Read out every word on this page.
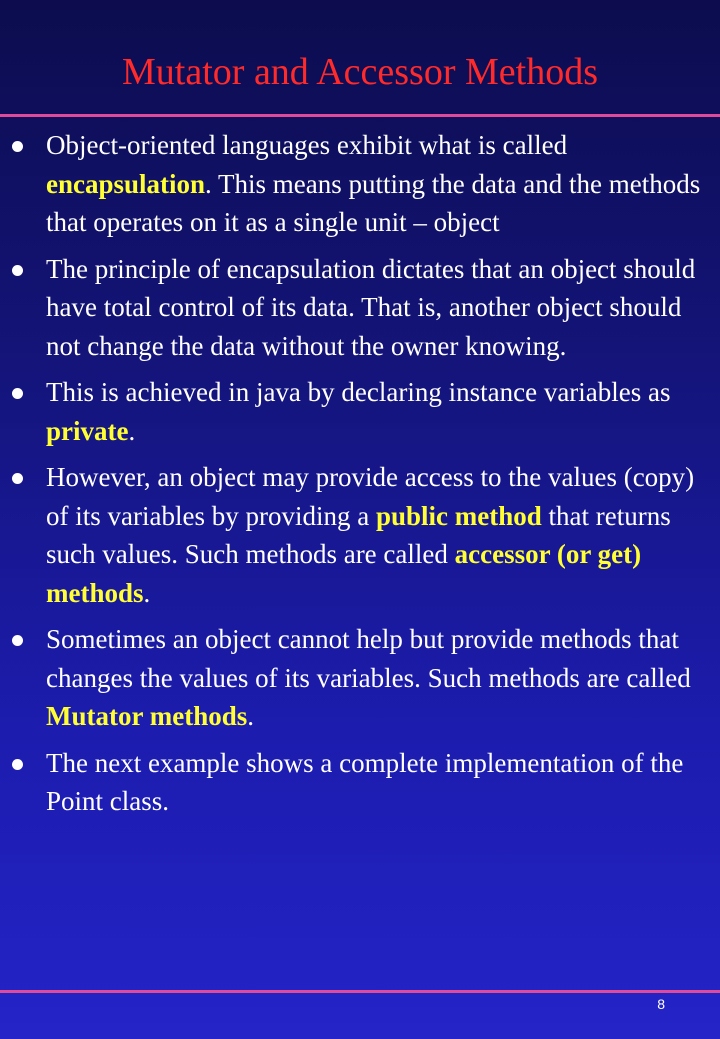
Mutator and Accessor Methods
Object-oriented languages exhibit what is called encapsulation. This means putting the data and the methods that operates on it as a single unit – object
The principle of encapsulation dictates that an object should have total control of its data. That is, another object should not change the data without the owner knowing.
This is achieved in java by declaring instance variables as private.
However, an object may provide access to the values (copy) of its variables by providing a public method that returns such values. Such methods are called accessor (or get) methods.
Sometimes an object cannot help but provide methods that changes the values of its variables. Such methods are called Mutator methods.
The next example shows a complete implementation of the Point class.
8
